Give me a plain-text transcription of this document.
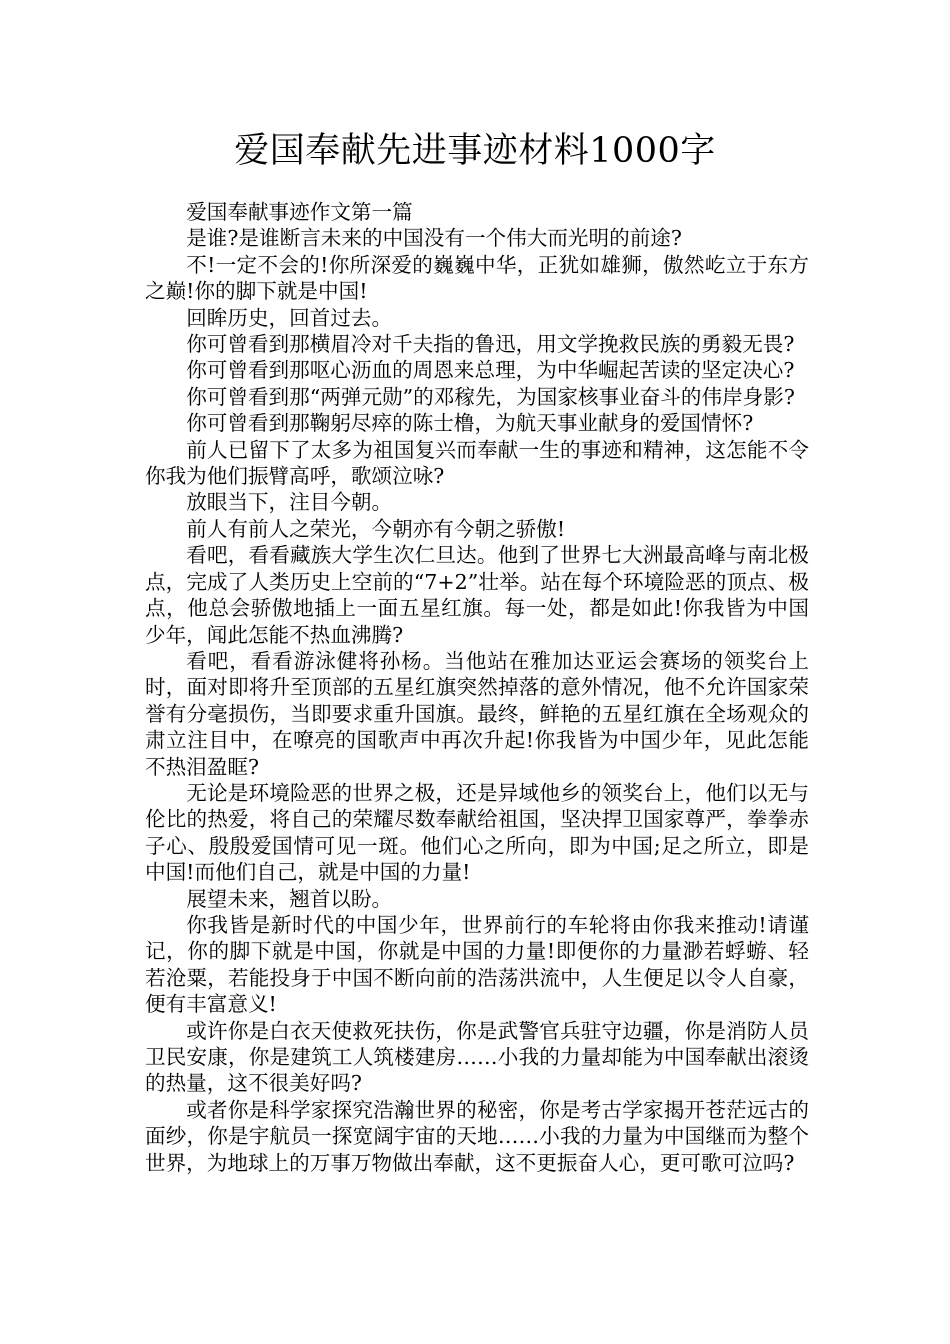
爱国奉献先进事迹材料1000字

爱国奉献事迹作文第一篇

是谁?是谁断言未来的中国没有一个伟大而光明的前途?

不!一定不会的!你所深爱的巍巍中华，正犹如雄狮，傲然屹立于东方之巅!你的脚下就是中国!

回眸历史，回首过去。

你可曾看到那横眉冷对千夫指的鲁迅，用文学挽救民族的勇毅无畏?

你可曾看到那呕心沥血的周恩来总理，为中华崛起苦读的坚定决心?

你可曾看到那“两弹元勋”的邓稼先，为国家核事业奋斗的伟岸身影?

你可曾看到那鞠躬尽瘁的陈士橹，为航天事业献身的爱国情怀?

前人已留下了太多为祖国复兴而奉献一生的事迹和精神，这怎能不令你我为他们振臂高呼，歌颂泣咏?

放眼当下，注目今朝。

前人有前人之荣光，今朝亦有今朝之骄傲!

看吧，看看藏族大学生次仁旦达。他到了世界七大洲最高峰与南北极点，完成了人类历史上空前的“7+2”壮举。站在每个环境险恶的顶点、极点，他总会骄傲地插上一面五星红旗。每一处，都是如此!你我皆为中国少年，闻此怎能不热血沸腾?

看吧，看看游泳健将孙杨。当他站在雅加达亚运会赛场的领奖台上时，面对即将升至顶部的五星红旗突然掉落的意外情况，他不允许国家荣誉有分毫损伤，当即要求重升国旗。最终，鲜艳的五星红旗在全场观众的肃立注目中，在嘹亮的国歌声中再次升起!你我皆为中国少年，见此怎能不热泪盈眶?

无论是环境险恶的世界之极，还是异域他乡的领奖台上，他们以无与伦比的热爱，将自己的荣耀尽数奉献给祖国，坚决捍卫国家尊严，拳拳赤子心、殷殷爱国情可见一斑。他们心之所向，即为中国;足之所立，即是中国!而他们自己，就是中国的力量!

展望未来，翘首以盼。

你我皆是新时代的中国少年，世界前行的车轮将由你我来推动!请谨记，你的脚下就是中国，你就是中国的力量!即便你的力量渺若蜉蝣、轻若沧粟，若能投身于中国不断向前的浩荡洪流中，人生便足以令人自豪，便有丰富意义!

或许你是白衣天使救死扶伤，你是武警官兵驻守边疆，你是消防人员卫民安康，你是建筑工人筑楼建房……小我的力量却能为中国奉献出滚烫的热量，这不很美好吗?

或者你是科学家探究浩瀚世界的秘密，你是考古学家揭开苍茫远古的面纱，你是宇航员一探宽阔宇宙的天地……小我的力量为中国继而为整个世界，为地球上的万事万物做出奉献，这不更振奋人心，更可歌可泣吗?
